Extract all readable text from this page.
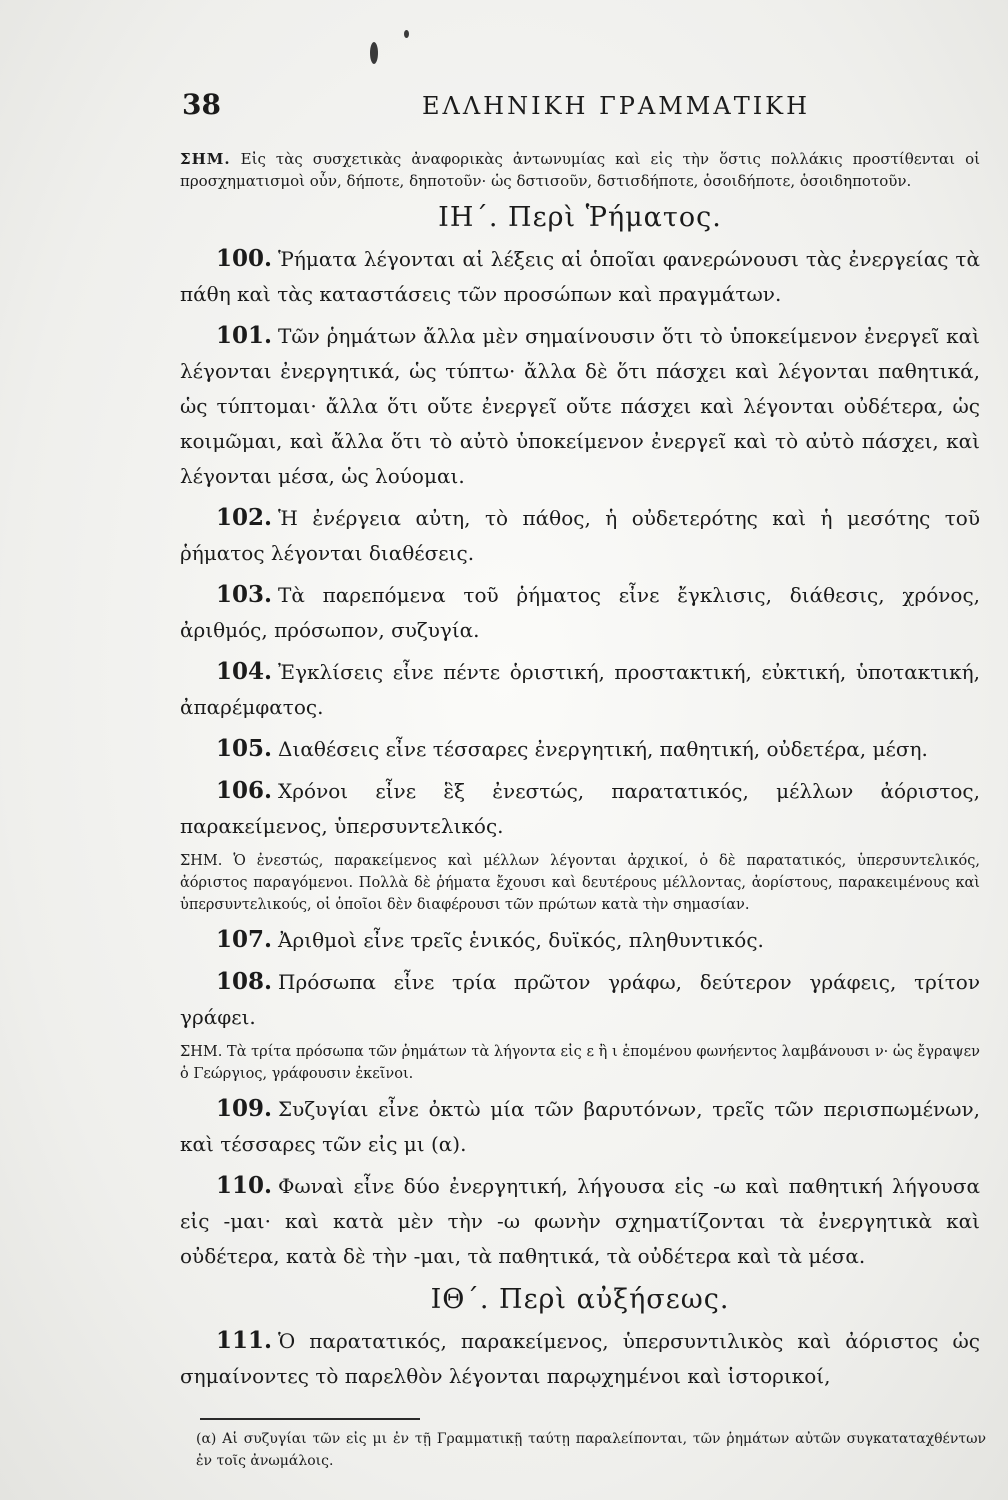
38	ΕΛΛΗΝΙΚΗ ΓΡΑΜΜΑΤΙΚΗ

ΣΗΜ. Εἰς τὰς συσχετικὰς ἀναφορικὰς ἀντωνυμίας καὶ εἰς τὴν ὅστις πολλάκις προστίθενται οἱ προσχηματισμοὶ οὖν, δήποτε, δηποτοῦν· ὡς δστισοῦν, δστισδήποτε, ὁσοιδήποτε, ὁσοιδηποτοῦν.

ΙΗ΄. Περὶ Ῥήματος.

100. Ῥήματα λέγονται αἱ λέξεις αἱ ὁποῖαι φανερώνουσι τὰς ἐνεργείας τὰ πάθη καὶ τὰς καταστάσεις τῶν προσώπων καὶ πραγμάτων.

101. Τῶν ῥημάτων ἄλλα μὲν σημαίνουσιν ὅτι τὸ ὑποκείμενον ἐνεργεῖ καὶ λέγονται ἐνεργητικά, ὡς τύπτω· ἄλλα δὲ ὅτι πάσχει καὶ λέγονται παθητικά, ὡς τύπτομαι· ἄλλα ὅτι οὔτε ἐνεργεῖ οὔτε πάσχει καὶ λέγονται οὐδέτερα, ὡς κοιμῶμαι, καὶ ἄλλα ὅτι τὸ αὐτὸ ὑποκείμενον ἐνεργεῖ καὶ τὸ αὐτὸ πάσχει, καὶ λέγονται μέσα, ὡς λούομαι.

102. Ἡ ἐνέργεια αὐτη, τὸ πάθος, ἡ οὐδετερότης καὶ ἡ μεσότης τοῦ ῥήματος λέγονται διαθέσεις.

103. Τὰ παρεπόμενα τοῦ ῥήματος εἶνε ἔγκλισις, διάθεσις, χρόνος, ἀριθμός, πρόσωπον, συζυγία.

104. Ἐγκλίσεις εἶνε πέντε ὁριστική, προστακτική, εὐκτική, ὑποτακτική, ἀπαρέμφατος.

105. Διαθέσεις εἶνε τέσσαρες ἐνεργητική, παθητική, οὐδετέρα, μέση.

106. Χρόνοι εἶνε ἓξ ἐνεστώς, παρατατικός, μέλλων ἀόριστος, παρακείμενος, ὑπερσυντελικός.

ΣΗΜ. Ὁ ἐνεστώς, παρακείμενος καὶ μέλλων λέγονται ἀρχικοί, ὁ δὲ παρατατικός, ὑπερσυντελικός, ἀόριστος παραγόμενοι. Πολλὰ δὲ ῥήματα ἔχουσι καὶ δευτέρους μέλλοντας, ἀορίστους, παρακειμένους καὶ ὑπερσυντελικούς, οἱ ὁποῖοι δὲν διαφέρουσι τῶν πρώτων κατὰ τὴν σημασίαν.

107. Ἀριθμοὶ εἶνε τρεῖς ἑνικός, δυϊκός, πληθυντικός.

108. Πρόσωπα εἶνε τρία πρῶτον γράφω, δεύτερον γράφεις, τρίτον γράφει.

ΣΗΜ. Τὰ τρίτα πρόσωπα τῶν ῥημάτων τὰ λήγοντα εἰς ε ἢ ι ἑπομένου φωνήεντος λαμβάνουσι ν· ὡς ἔγραψεν ὁ Γεώργιος, γράφουσιν ἐκεῖνοι.

109. Συζυγίαι εἶνε ὀκτὼ μία τῶν βαρυτόνων, τρεῖς τῶν περισπωμένων, καὶ τέσσαρες τῶν εἰς μι (α).

110. Φωναὶ εἶνε δύο ἐνεργητική, λήγουσα εἰς -ω καὶ παθητική λήγουσα εἰς -μαι· καὶ κατὰ μὲν τὴν -ω φωνὴν σχηματίζονται τὰ ἐνεργητικὰ καὶ οὐδέτερα, κατὰ δὲ τὴν -μαι, τὰ παθητικά, τὰ οὐδέτερα καὶ τὰ μέσα.

ΙΘ΄. Περὶ αὐξήσεως.

111. Ὁ παρατατικός, παρακείμενος, ὑπερσυντιλικὸς καὶ ἀόριστος ὡς σημαίνοντες τὸ παρελθὸν λέγονται παρῳχημένοι καὶ ἱστορικοί,

(α) Αἱ συζυγίαι τῶν εἰς μι ἐν τῇ Γραμματικῇ ταύτῃ παραλείπονται, τῶν ῥημάτων αὐτῶν συγκαταταχθέντων ἐν τοῖς ἀνωμάλοις.
